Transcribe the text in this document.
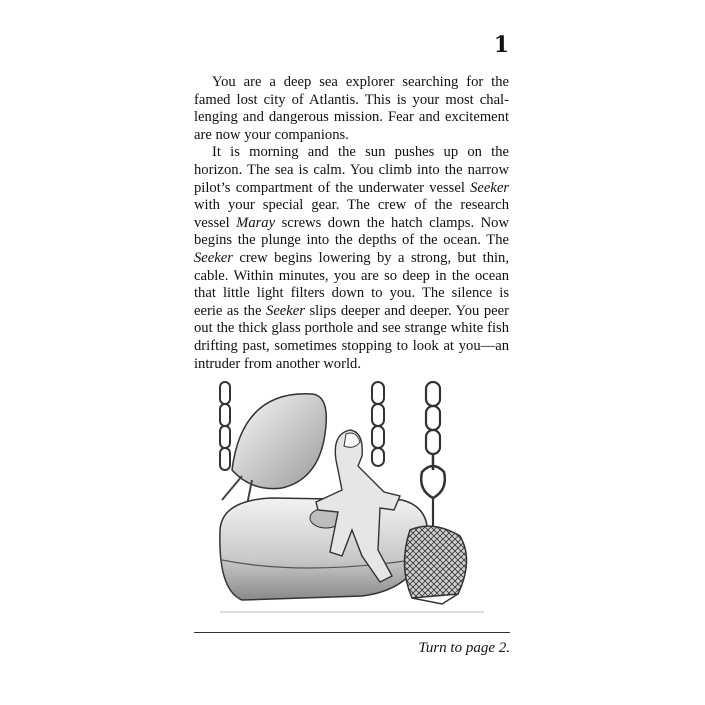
1

You are a deep sea explorer searching for the famed lost city of Atlantis. This is your most challenging and dangerous mission. Fear and excitement are now your companions.

It is morning and the sun pushes up on the horizon. The sea is calm. You climb into the narrow pilot’s compartment of the underwater vessel Seeker with your special gear. The crew of the research vessel Maray screws down the hatch clamps. Now begins the plunge into the depths of the ocean. The Seeker crew begins lowering by a strong, but thin, cable. Within minutes, you are so deep in the ocean that little light filters down to you. The silence is eerie as the Seeker slips deeper and deeper. You peer out the thick glass porthole and see strange white fish drifting past, sometimes stopping to look at you—an intruder from another world.

Turn to page 2.
